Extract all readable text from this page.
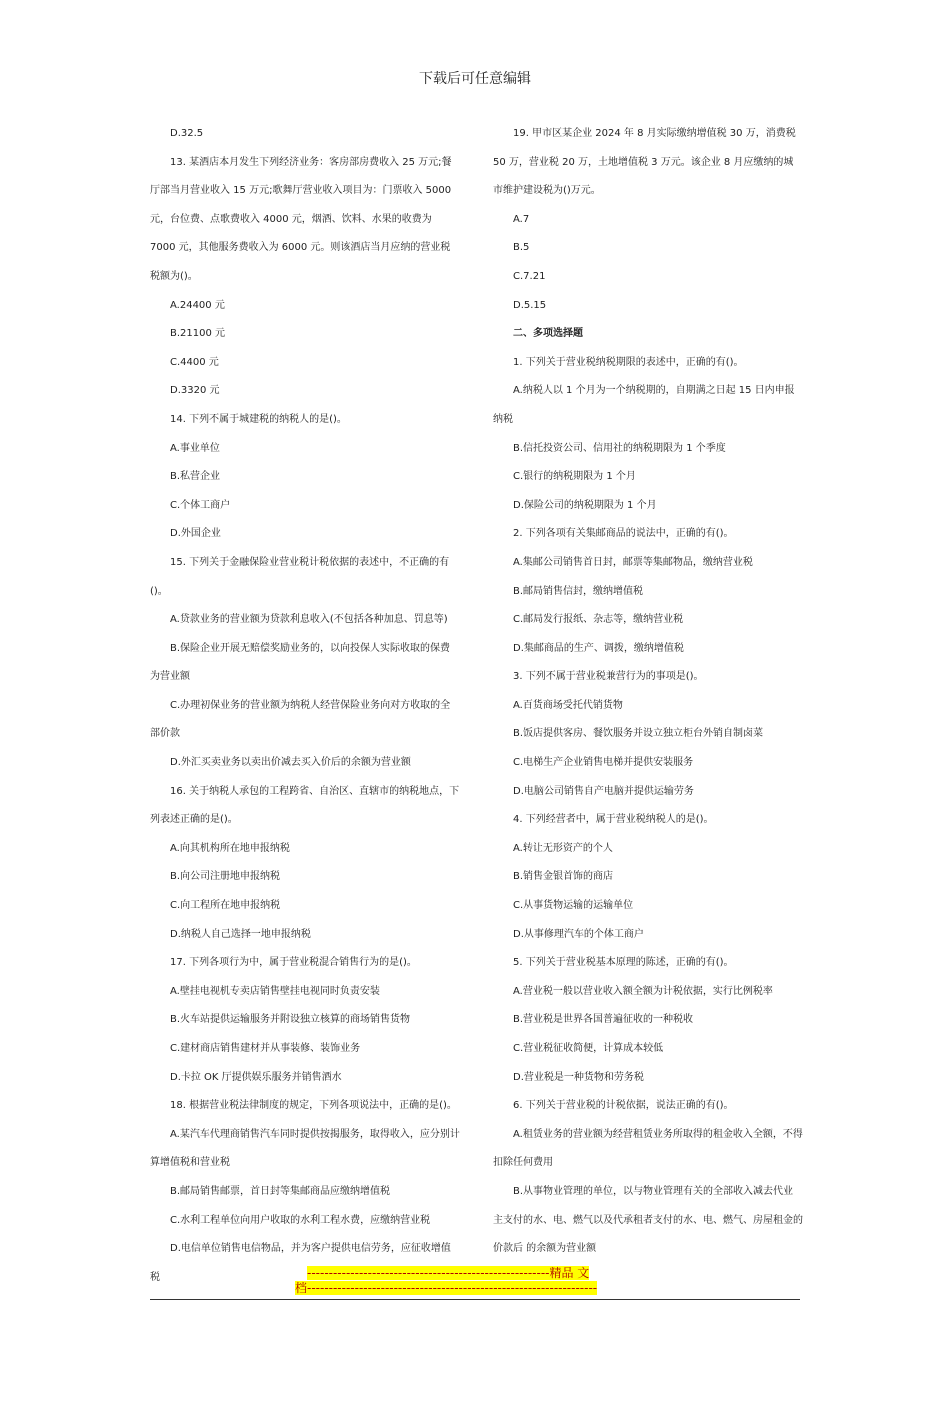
下载后可任意编辑

D.32.5

13. 某酒店本月发生下列经济业务：客房部房费收入 25 万元;餐厅部当月营业收入 15 万元;歌舞厅营业收入项目为：门票收入 5000 元，台位费、点歌费收入 4000 元，烟酒、饮料、水果的收费为 7000 元，其他服务费收入为 6000 元。则该酒店当月应纳的营业税税额为()。

A.24400 元

B.21100 元

C.4400 元

D.3320 元

14. 下列不属于城建税的纳税人的是()。

A.事业单位

B.私营企业

C.个体工商户

D.外国企业

15. 下列关于金融保险业营业税计税依据的表述中，不正确的有()。

A.贷款业务的营业额为贷款利息收入(不包括各种加息、罚息等)

B.保险企业开展无赔偿奖励业务的，以向投保人实际收取的保费为营业额

C.办理初保业务的营业额为纳税人经营保险业务向对方收取的全部价款

D.外汇买卖业务以卖出价减去买入价后的余额为营业额

16. 关于纳税人承包的工程跨省、自治区、直辖市的纳税地点，下列表述正确的是()。

A.向其机构所在地申报纳税

B.向公司注册地申报纳税

C.向工程所在地申报纳税

D.纳税人自己选择一地申报纳税

17. 下列各项行为中，属于营业税混合销售行为的是()。

A.壁挂电视机专卖店销售壁挂电视同时负责安装

B.火车站提供运输服务并附设独立核算的商场销售货物

C.建材商店销售建材并从事装修、装饰业务

D.卡拉 OK 厅提供娱乐服务并销售酒水

18. 根据营业税法律制度的规定，下列各项说法中，正确的是()。

A.某汽车代理商销售汽车同时提供按揭服务，取得收入，应分别计算增值税和营业税

B.邮局销售邮票，首日封等集邮商品应缴纳增值税

C.水利工程单位向用户收取的水利工程水费，应缴纳营业税

D.电信单位销售电信物品，并为客户提供电信劳务，应征收增值税

19. 甲市区某企业 2024 年 8 月实际缴纳增值税 30 万，消费税 50 万，营业税 20 万，土地增值税 3 万元。该企业 8 月应缴纳的城市维护建设税为()万元。

A.7

B.5

C.7.21

D.5.15

二、多项选择题

1. 下列关于营业税纳税期限的表述中，正确的有()。

A.纳税人以 1 个月为一个纳税期的，自期满之日起 15 日内申报纳税

B.信托投资公司、信用社的纳税期限为 1 个季度

C.银行的纳税期限为 1 个月

D.保险公司的纳税期限为 1 个月

2. 下列各项有关集邮商品的说法中，正确的有()。

A.集邮公司销售首日封，邮票等集邮物品，缴纳营业税

B.邮局销售信封，缴纳增值税

C.邮局发行报纸、杂志等，缴纳营业税

D.集邮商品的生产、调拨，缴纳增值税

3. 下列不属于营业税兼营行为的事项是()。

A.百货商场受托代销货物

B.饭店提供客房、餐饮服务并设立独立柜台外销自制卤菜

C.电梯生产企业销售电梯并提供安装服务

D.电脑公司销售自产电脑并提供运输劳务

4. 下列经营者中，属于营业税纳税人的是()。

A.转让无形资产的个人

B.销售金银首饰的商店

C.从事货物运输的运输单位

D.从事修理汽车的个体工商户

5. 下列关于营业税基本原理的陈述，正确的有()。

A.营业税一般以营业收入额全额为计税依据，实行比例税率

B.营业税是世界各国普遍征收的一种税收

C.营业税征收简便，计算成本较低

D.营业税是一种货物和劳务税

6. 下列关于营业税的计税依据，说法正确的有()。

A.租赁业务的营业额为经营租赁业务所取得的租金收入全额，不得扣除任何费用

B.从事物业管理的单位，以与物业管理有关的全部收入减去代业主支付的水、电、燃气以及代承租者支付的水、电、燃气、房屋租金的价款后 的余额为营业额

--------------------------------------------------------精品 文
档-------------------------------------------------------------------
